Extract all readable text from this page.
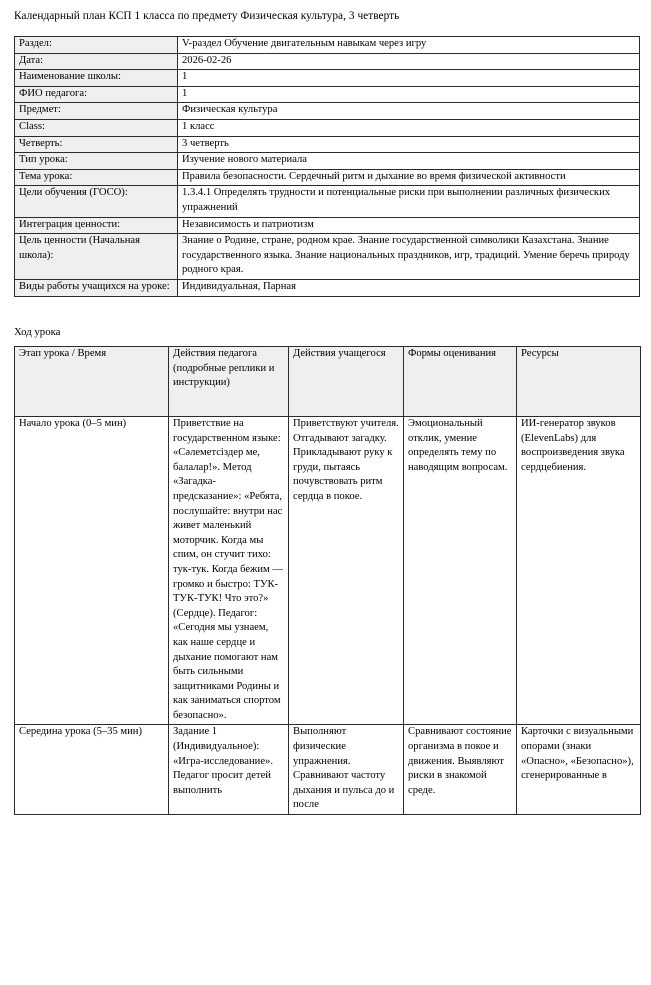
Календарный план КСП 1 класса по предмету Физическая культура, 3 четверть
Раздел:	V-раздел Обучение двигательным навыкам через игру
Дата:	2026-02-26
Наименование школы:	1
ФИО педагога:	1
Предмет:	Физическая культура
Class:	1 класс
Четверть:	3 четверть
Тип урока:	Изучение нового материала
Тема урока:	Правила безопасности. Сердечный ритм и дыхание во время физической активности
Цели обучения (ГОСО):	1.3.4.1 Определять трудности и потенциальные риски при выполнении различных физических упражнений
Интеграция ценности:	Независимость и патриотизм
Цель ценности (Начальная школа):	Знание о Родине, стране, родном крае. Знание государственной символики Казахстана. Знание государственного языка. Знание национальных праздников, игр, традиций. Умение беречь природу родного края.
Виды работы учащихся на уроке:	Индивидуальная, Парная
Ход урока
Этап урока / Время	Действия педагога (подробные реплики и инструкции)	Действия учащегося	Формы оценивания	Ресурсы
Начало урока (0–5 мин)	Приветствие на государственном языке: «Сәлеметсіздер ме, балалар!». Метод «Загадка-предсказание»: «Ребята, послушайте: внутри нас живет маленький моторчик. Когда мы спим, он стучит тихо: тук-тук. Когда бежим — громко и быстро: ТУК-ТУК-ТУК! Что это?» (Сердце). Педагог: «Сегодня мы узнаем, как наше сердце и дыхание помогают нам быть сильными защитниками Родины и как заниматься спортом безопасно».	Приветствуют учителя. Отгадывают загадку. Прикладывают руку к груди, пытаясь почувствовать ритм сердца в покое.	Эмоциональный отклик, умение определять тему по наводящим вопросам.	ИИ-генератор звуков (ElevenLabs) для воспроизведения звука сердцебиения.
Середина урока (5–35 мин)	Задание 1 (Индивидуальное): «Игра-исследование». Педагог просит детей выполнить	Выполняют физические упражнения. Сравнивают частоту дыхания и пульса до и после	Сравнивают состояние организма в покое и движения. Выявляют риски в знакомой среде.	Карточки с визуальными опорами (знаки «Опасно», «Безопасно»), сгенерированные в
